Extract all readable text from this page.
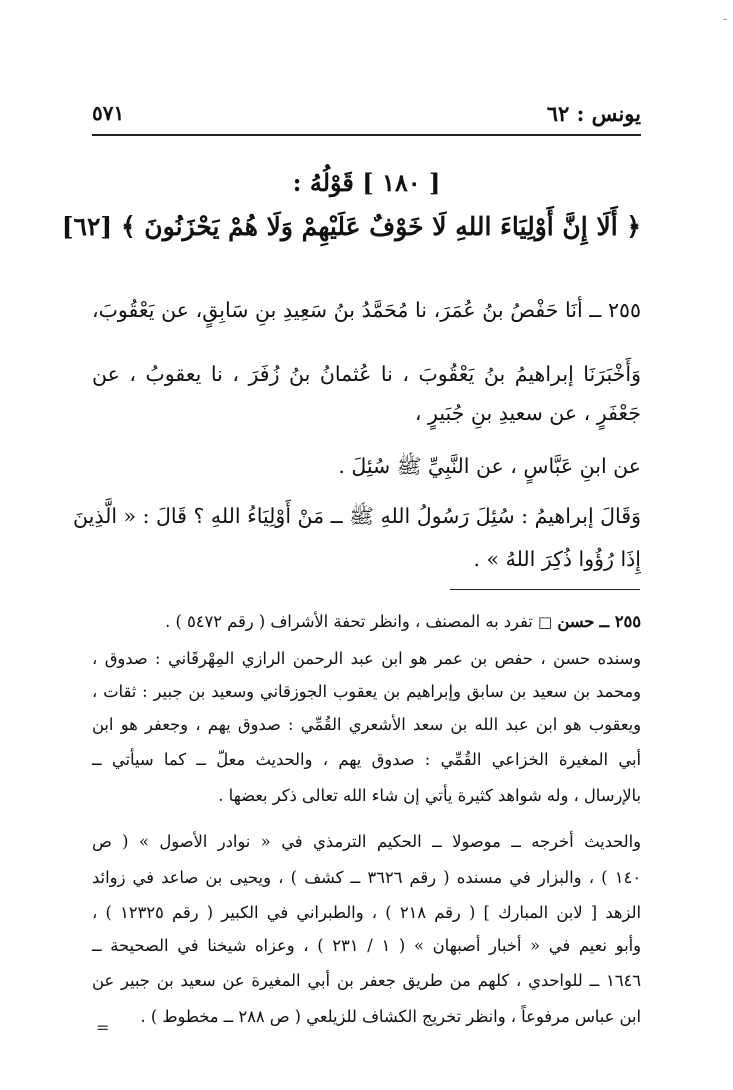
-
٥٧١	يونس : ٦٢
[ ١٨٠ ] قَوْلُهُ :
﴿ أَلَا إِنَّ أَوْلِيَاءَ اللهِ لَا خَوْفٌ عَلَيْهِمْ وَلَا هُمْ يَحْزَنُونَ ﴾ [٦٢]
٢٥٥ ــ أنَا حَفْصُ بنُ عُمَرَ، نا مُحَمَّدُ بنُ سَعِيدِ بنِ سَابِقٍ، عن يَعْقُوبَ،
وَأَخْبَرَنَا إبراهيمُ بنُ يَعْقُوبَ ، نا عُثمانُ بنُ زُفَرَ ، نا يعقوبُ ، عن
جَعْفَرٍ ، عن سعيدِ بنِ جُبَيرٍ ،
عن ابنِ عَبَّاسٍ ، عن النَّبِيِّ ﷺ سُئِلَ .
وَقَالَ إبراهيمُ : سُئِلَ رَسُولُ اللهِ ﷺ ــ مَنْ أَوْلِيَاءُ اللهِ ؟ قَالَ : « الَّذِينَ
إِذَا رُؤُوا ذُكِرَ اللهُ » .
٢٥٥ ــ حسن □ تفرد به المصنف ، وانظر تحفة الأشراف ( رقم ٥٤٧٢ ) .
وسنده حسن ، حفص بن عمر هو ابن عبد الرحمن الرازي المِهْرقَاني : صدوق ،
ومحمد بن سعيد بن سابق وإبراهيم بن يعقوب الجوزقاني وسعيد بن جبير : ثقات ،
ويعقوب هو ابن عبد الله بن سعد الأشعري القُمِّي : صدوق يهم ، وجعفر هو ابن
أبي المغيرة الخزاعي القُمِّي : صدوق يهم ، والحديث معلّ ــ كما سيأتي ــ
بالإرسال ، وله شواهد كثيرة يأتي إن شاء الله تعالى ذكر بعضها .
والحديث أخرجه ــ موصولا ــ الحكيم الترمذي في « نوادر الأصول » ( ص
١٤٠ ) ، والبزار في مسنده ( رقم ٣٦٢٦ ــ كشف ) ، ويحيى بن صاعد في زوائد
الزهد [ لابن المبارك ] ( رقم ٢١٨ ) ، والطبراني في الكبير ( رقم ١٢٣٢٥ ) ،
وأبو نعيم في « أخبار أصبهان » ( ١ / ٢٣١ ) ، وعزاه شيخنا في الصحيحة ــ
١٦٤٦ ــ للواحدي ، كلهم من طريق جعفر بن أبي المغيرة عن سعيد بن جبير عن
ابن عباس مرفوعاً ، وانظر تخريج الكشاف للزيلعي ( ص ٢٨٨ ــ مخطوط ) .
=
